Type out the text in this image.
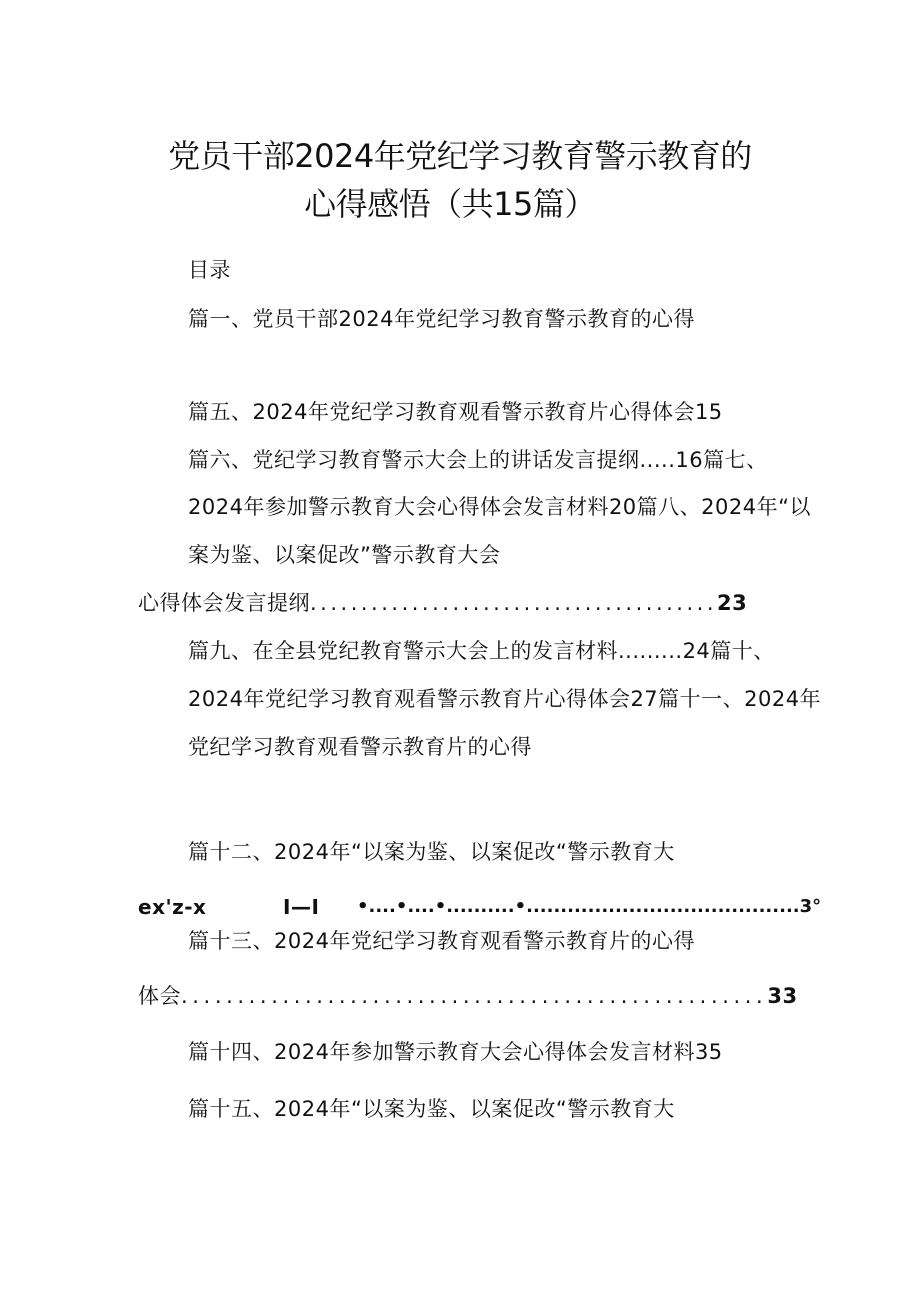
党员干部2024年党纪学习教育警示教育的
心得感悟（共15篇）
目录
篇一、党员干部2024年党纪学习教育警示教育的心得
篇五、2024年党纪学习教育观看警示教育片心得体会15
篇六、党纪学习教育警示大会上的讲话发言提纲.....16篇七、
2024年参加警示教育大会心得体会发言材料20篇八、2024年“以
案为鉴、以案促改”警示教育大会
心得体会发言提纲........................................23
篇九、在全县党纪教育警示大会上的发言材料.........24篇十、
2024年党纪学习教育观看警示教育片心得体会27篇十一、2024年
党纪学习教育观看警示教育片的心得
篇十二、2024年“以案为鉴、以案促改“警示教育大
ex'z-x	I—I •....•....•..........•........................................3°
篇十三、2024年党纪学习教育观看警示教育片的心得
体会....................................................33
篇十四、2024年参加警示教育大会心得体会发言材料35
篇十五、2024年“以案为鉴、以案促改“警示教育大
